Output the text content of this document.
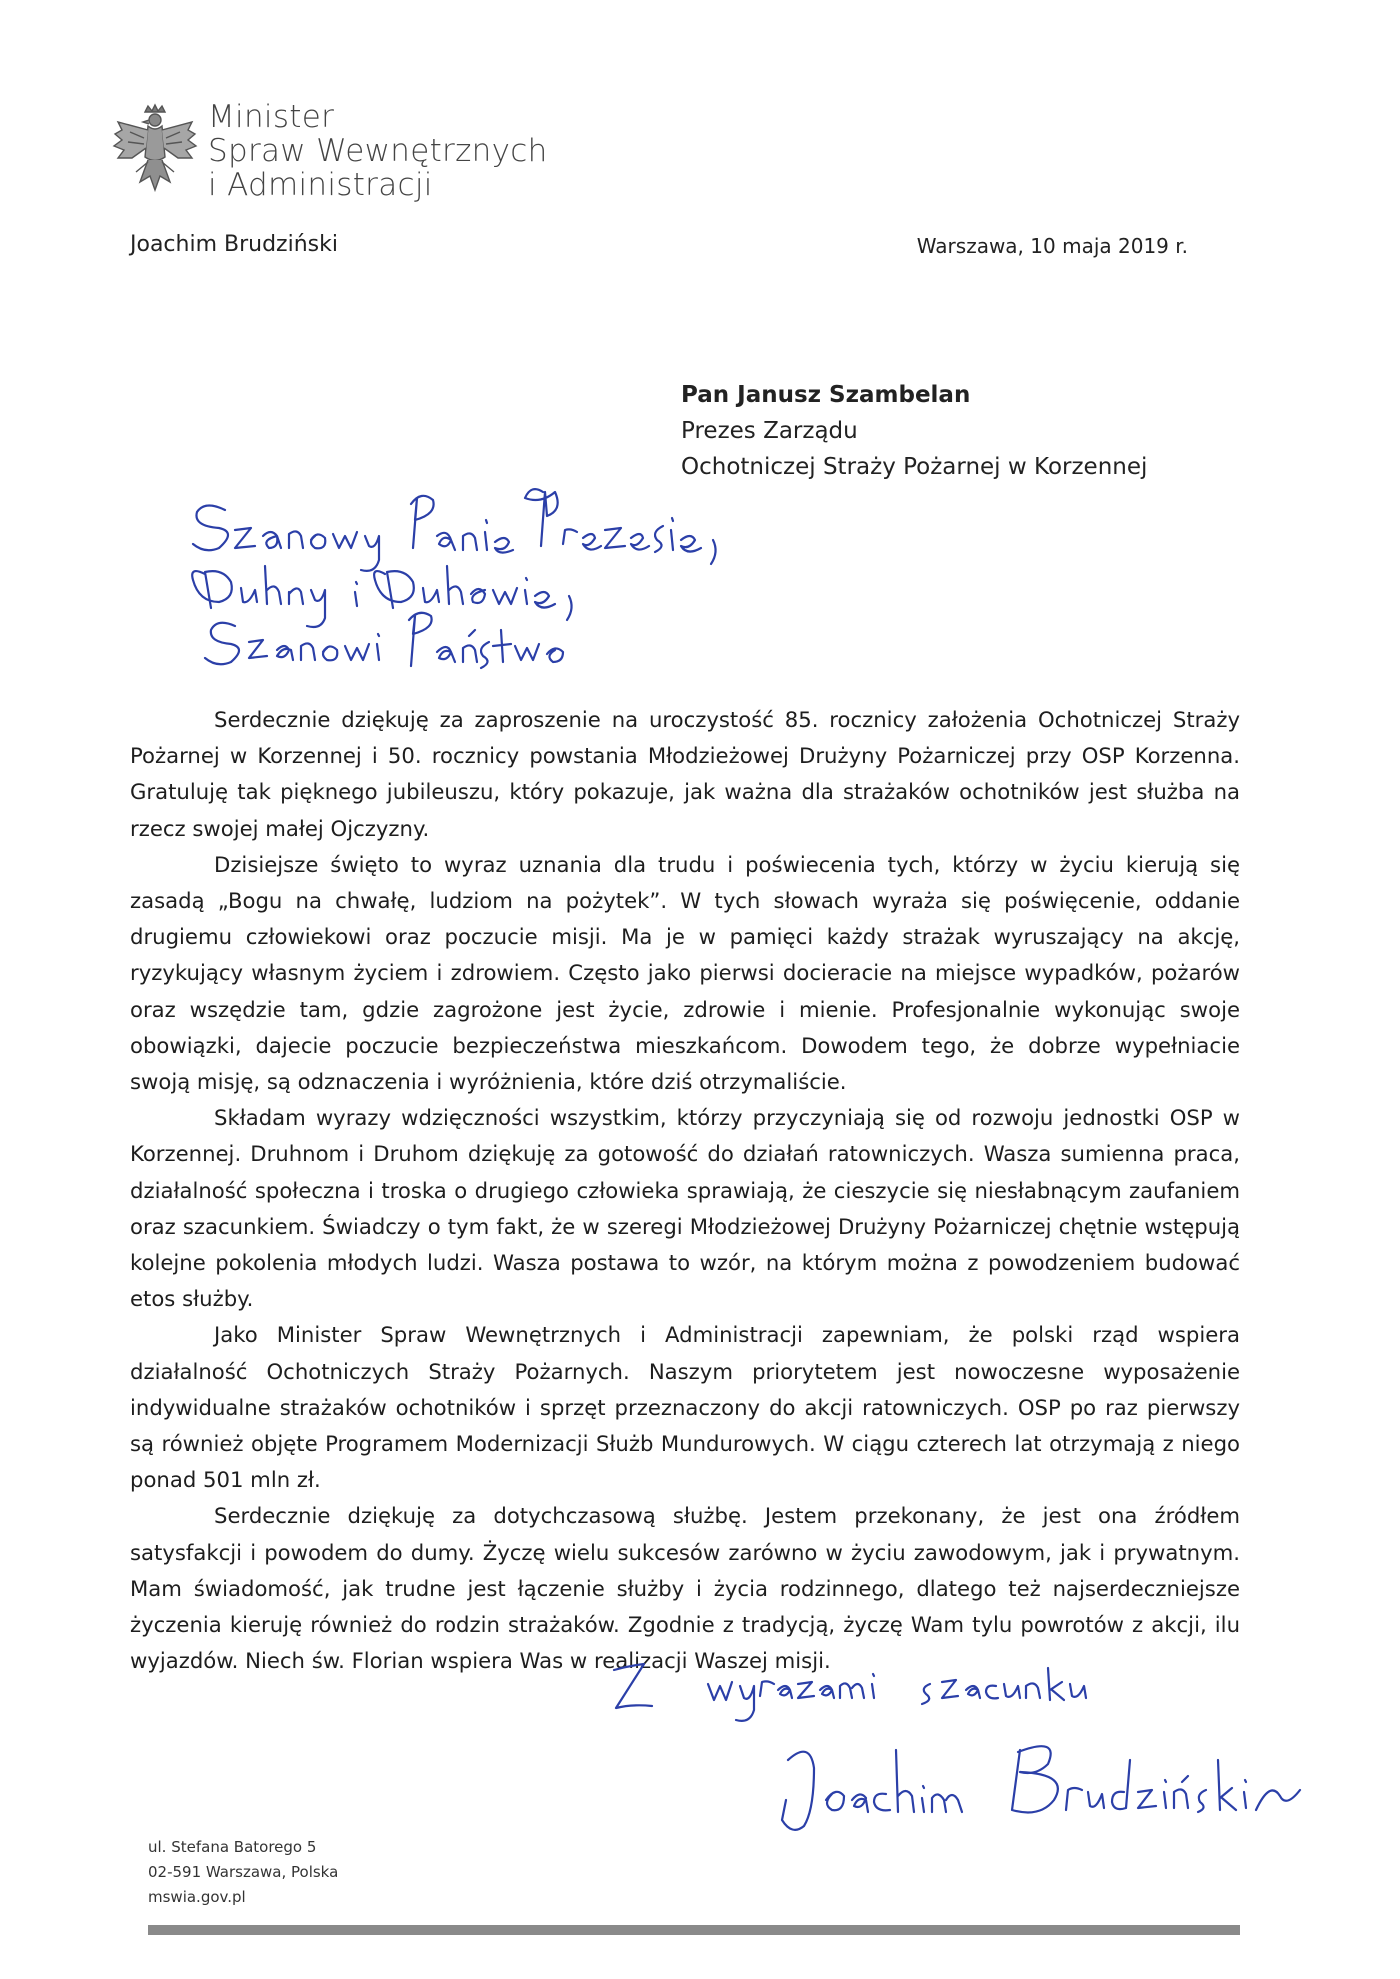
Minister
Spraw Wewnętrznych
i Administracji
Joachim Brudziński	Warszawa, 10 maja 2019 r.
Pan Janusz Szambelan
Prezes Zarządu
Ochotniczej Straży Pożarnej w Korzennej

Serdecznie dziękuję za zaproszenie na uroczystość 85. rocznicy założenia Ochotniczej Straży Pożarnej w Korzennej i 50. rocznicy powstania Młodzieżowej Drużyny Pożarniczej przy OSP Korzenna. Gratuluję tak pięknego jubileuszu, który pokazuje, jak ważna dla strażaków ochotników jest służba na rzecz swojej małej Ojczyzny.

Dzisiejsze święto to wyraz uznania dla trudu i poświecenia tych, którzy w życiu kierują się zasadą „Bogu na chwałę, ludziom na pożytek”. W tych słowach wyraża się poświęcenie, oddanie drugiemu człowiekowi oraz poczucie misji. Ma je w pamięci każdy strażak wyruszający na akcję, ryzykujący własnym życiem i zdrowiem. Często jako pierwsi docieracie na miejsce wypadków, pożarów oraz wszędzie tam, gdzie zagrożone jest życie, zdrowie i mienie. Profesjonalnie wykonując swoje obowiązki, dajecie poczucie bezpieczeństwa mieszkańcom. Dowodem tego, że dobrze wypełniacie swoją misję, są odznaczenia i wyróżnienia, które dziś otrzymaliście.

Składam wyrazy wdzięczności wszystkim, którzy przyczyniają się od rozwoju jednostki OSP w Korzennej. Druhnom i Druhom dziękuję za gotowość do działań ratowniczych. Wasza sumienna praca, działalność społeczna i troska o drugiego człowieka sprawiają, że cieszycie się niesłabnącym zaufaniem oraz szacunkiem. Świadczy o tym fakt, że w szeregi Młodzieżowej Drużyny Pożarniczej chętnie wstępują kolejne pokolenia młodych ludzi. Wasza postawa to wzór, na którym można z powodzeniem budować etos służby.

Jako Minister Spraw Wewnętrznych i Administracji zapewniam, że polski rząd wspiera działalność Ochotniczych Straży Pożarnych. Naszym priorytetem jest nowoczesne wyposażenie indywidualne strażaków ochotników i sprzęt przeznaczony do akcji ratowniczych. OSP po raz pierwszy są również objęte Programem Modernizacji Służb Mundurowych. W ciągu czterech lat otrzymają z niego ponad 501 mln zł.

Serdecznie dziękuję za dotychczasową służbę. Jestem przekonany, że jest ona źródłem satysfakcji i powodem do dumy. Życzę wielu sukcesów zarówno w życiu zawodowym, jak i prywatnym. Mam świadomość, jak trudne jest łączenie służby i życia rodzinnego, dlatego też najserdeczniejsze życzenia kieruję również do rodzin strażaków. Zgodnie z tradycją, życzę Wam tylu powrotów z akcji, ilu wyjazdów. Niech św. Florian wspiera Was w realizacji Waszej misji.

ul. Stefana Batorego 5
02-591 Warszawa, Polska
mswia.gov.pl
